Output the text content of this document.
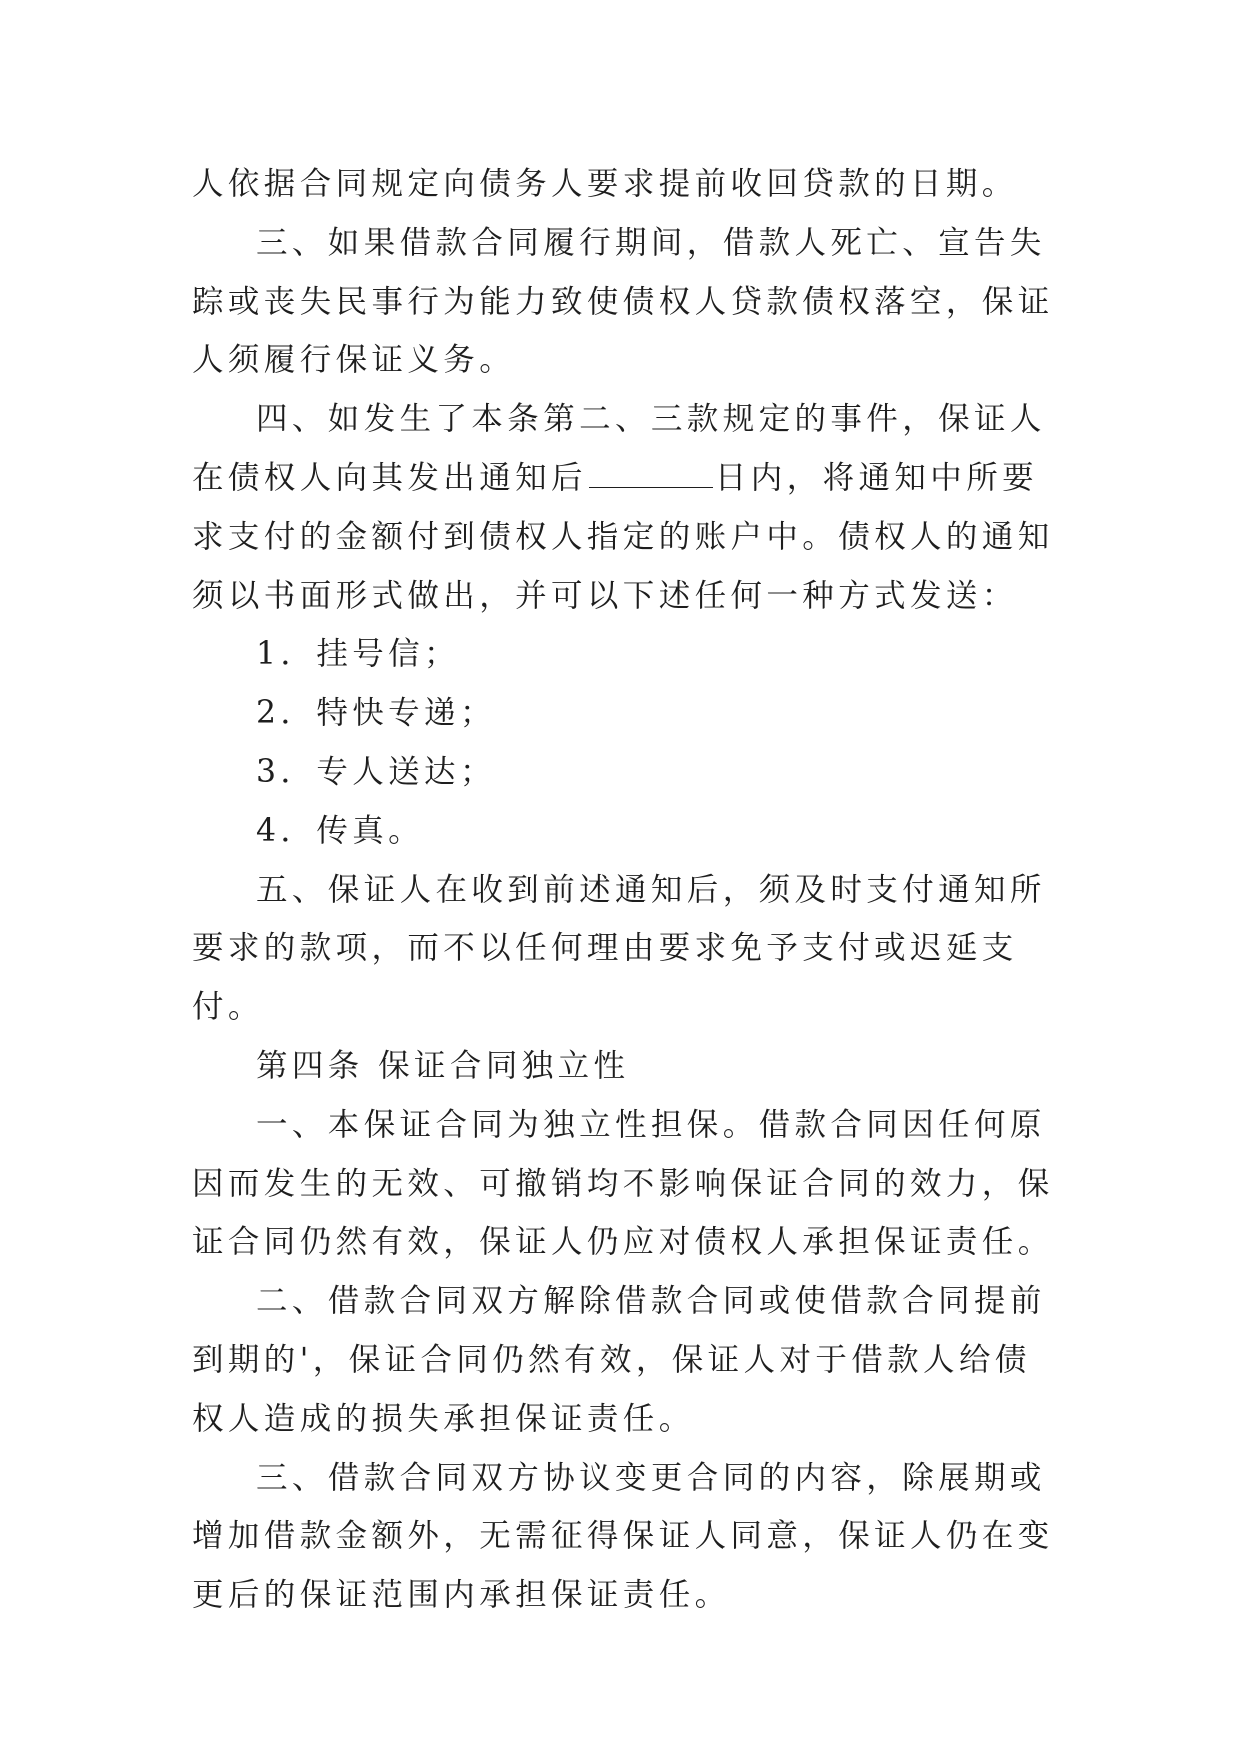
人依据合同规定向债务人要求提前收回贷款的日期。

三、如果借款合同履行期间，借款人死亡、宣告失踪或丧失民事行为能力致使债权人贷款债权落空，保证人须履行保证义务。

四、如发生了本条第二、三款规定的事件，保证人在债权人向其发出通知后	日内，将通知中所要求支付的金额付到债权人指定的账户中。债权人的通知须以书面形式做出，并可以下述任何一种方式发送：

1．挂号信；

2．特快专递；

3．专人送达；

4．传真。

五、保证人在收到前述通知后，须及时支付通知所要求的款项，而不以任何理由要求免予支付或迟延支付。

第四条 保证合同独立性

一、本保证合同为独立性担保。借款合同因任何原因而发生的无效、可撤销均不影响保证合同的效力，保证合同仍然有效，保证人仍应对债权人承担保证责任。

二、借款合同双方解除借款合同或使借款合同提前到期的'，保证合同仍然有效，保证人对于借款人给债权人造成的损失承担保证责任。

三、借款合同双方协议变更合同的内容，除展期或增加借款金额外，无需征得保证人同意，保证人仍在变更后的保证范围内承担保证责任。
